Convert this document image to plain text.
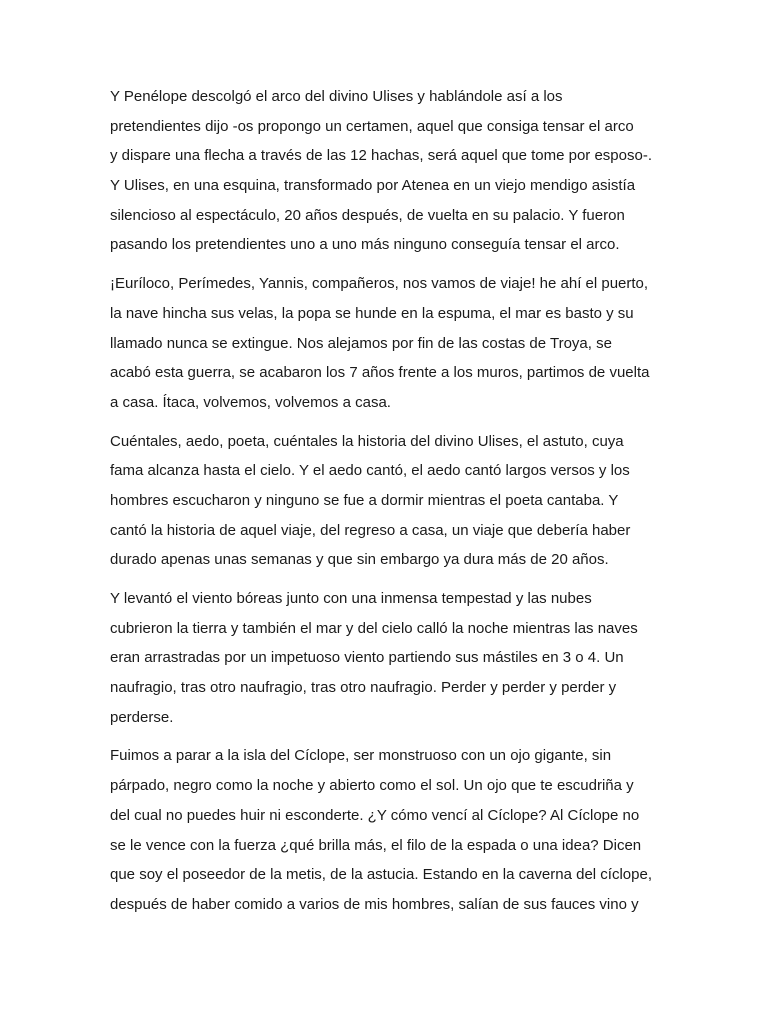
Y Penélope descolgó el arco del divino Ulises y hablándole así a los
pretendientes dijo -os propongo un certamen, aquel que consiga tensar el arco
y dispare una flecha a través de las 12 hachas, será aquel que tome por esposo-.
Y Ulises, en una esquina, transformado por Atenea en un viejo mendigo asistía
silencioso al espectáculo, 20 años después, de vuelta en su palacio. Y fueron
pasando los pretendientes uno a uno más ninguno conseguía tensar el arco.
¡Euríloco, Perímedes, Yannis, compañeros, nos vamos de viaje! he ahí el puerto,
la nave hincha sus velas, la popa se hunde en la espuma, el mar es basto y su
llamado nunca se extingue. Nos alejamos por fin de las costas de Troya, se
acabó esta guerra, se acabaron los 7 años frente a los muros, partimos de vuelta
a casa. Ítaca, volvemos, volvemos a casa.
Cuéntales, aedo, poeta, cuéntales la historia del divino Ulises, el astuto, cuya
fama alcanza hasta el cielo. Y el aedo cantó, el aedo cantó largos versos y los
hombres escucharon y ninguno se fue a dormir mientras el poeta cantaba. Y
cantó la historia de aquel viaje, del regreso a casa, un viaje que debería haber
durado apenas unas semanas y que sin embargo ya dura más de 20 años.
Y levantó el viento bóreas junto con una inmensa tempestad y las nubes
cubrieron la tierra y también el mar y del cielo calló la noche mientras las naves
eran arrastradas por un impetuoso viento partiendo sus mástiles en 3 o 4. Un
naufragio, tras otro naufragio, tras otro naufragio. Perder y perder y perder y
perderse.
Fuimos a parar a la isla del Cíclope, ser monstruoso con un ojo gigante, sin
párpado, negro como la noche y abierto como el sol. Un ojo que te escudriña y
del cual no puedes huir ni esconderte. ¿Y cómo vencí al Cíclope? Al Cíclope no
se le vence con la fuerza ¿qué brilla más, el filo de la espada o una idea? Dicen
que soy el poseedor de la metis, de la astucia. Estando en la caverna del cíclope,
después de haber comido a varios de mis hombres, salían de sus fauces vino y
